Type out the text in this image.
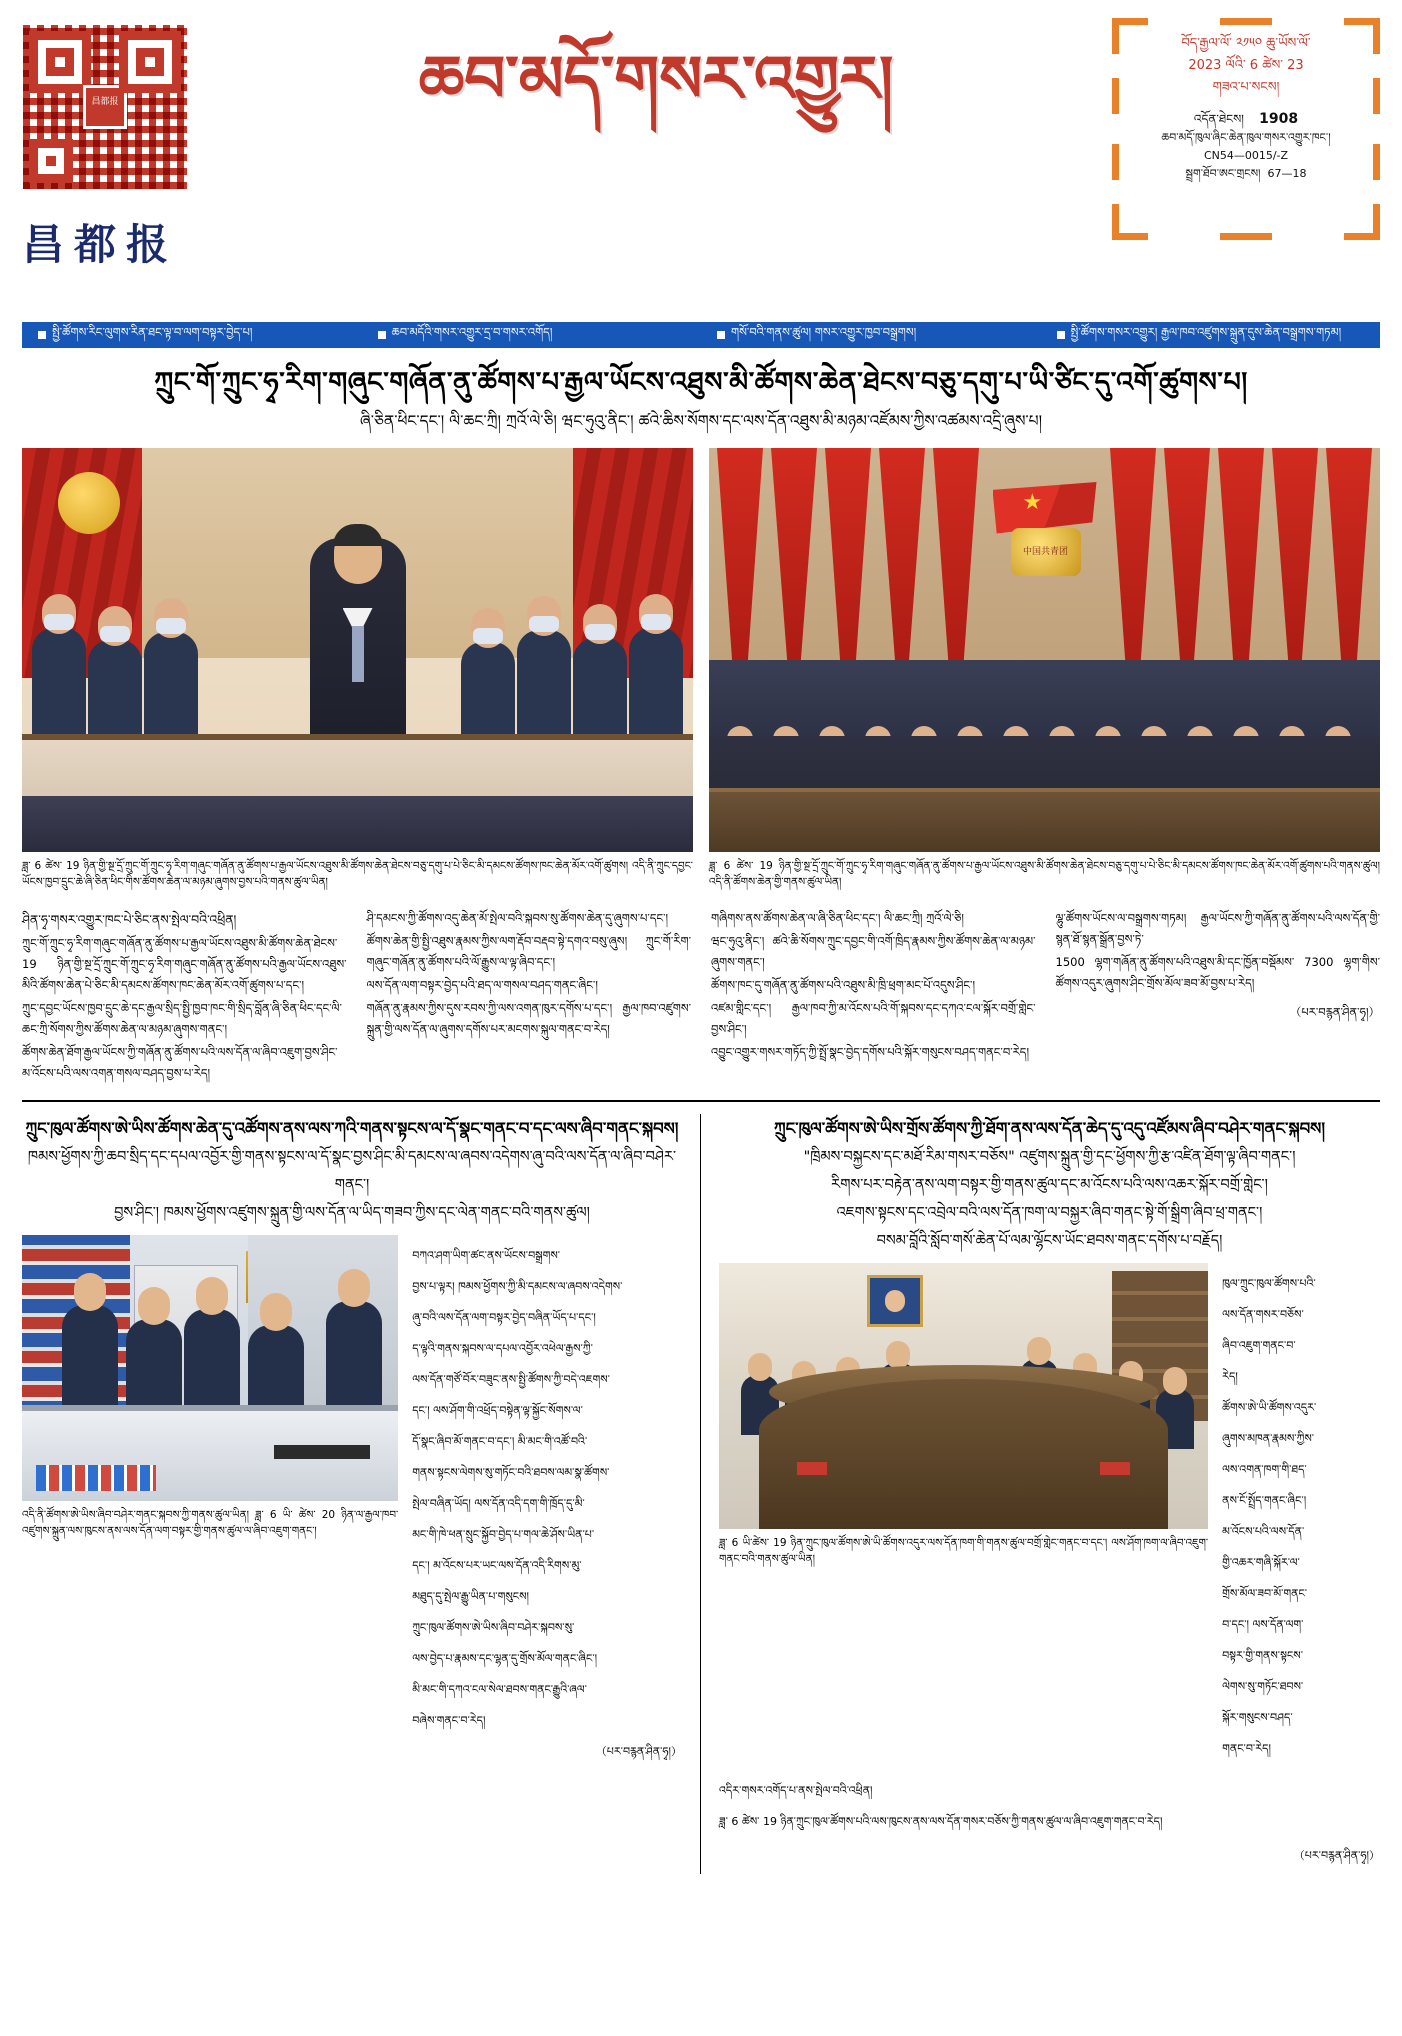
昌都报
昌都报
ཆབ་མདོ་གསར་འགྱུར།	བོད་རྒྱལ་ལོ་ ༢༡༥༠ ཆུ་ཡོས་ལོ་
2023 ལོའི་ 6 ཚེས་ 23
གཟའ་པ་སངས།
འདོན་ཐེངས། 1908
ཆབ་མདོ་ཁུལ་ཞིང་ཆེན་ཁུལ་གསར་འགྱུར་ཁང་།
CN54—0015/-Z
སྦྲག་ཐོབ་ཨང་གྲངས། 67—18
སྤྱི་ཚོགས་རིང་ལུགས་རིན་ཐང་ལྟ་བ་ལག་བསྟར་བྱེད་པ།	ཆབ་མདོའི་གསར་འགྱུར་དྲ་བ་གསར་འགོད།	གསོ་བའི་གནས་ཚུལ། གསར་འགྱུར་ཁྱབ་བསྒྲགས།	སྤྱི་ཚོགས་གསར་འགྱུར། རྒྱལ་ཁབ་འཛུགས་སྐྲུན་དུས་ཆེན་བསྒྲགས་གཏམ།
ཀྲུང་གོ་ཀྲུང་ཧྭ་རིག་གཞུང་གཞོན་ནུ་ཚོགས་པ་རྒྱལ་ཡོངས་འཐུས་མི་ཚོགས་ཆེན་ཐེངས་བཅུ་དགུ་པ་ཡི་ཙིང་དུ་འགོ་ཚུགས་པ།
ཞི་ཅིན་ཕིང་དང་། ལི་ཆང་ཀྲི། ཀྲའོ་ལེ་ཅི། ཝང་ཧུའུ་ནིང་། ཚའེ་ཆིས་སོགས་དང་ལས་དོན་འཐུས་མི་མཉམ་འཛོམས་ཀྱིས་འཚམས་འདྲི་ཞུས་པ།
ཟླ་ 6 ཚེས་ 19 ཉིན་གྱི་སྔ་དྲོ་ཀྲུང་གོ་ཀྲུང་ཧྭ་རིག་གཞུང་གཞོན་ནུ་ཚོགས་པ་རྒྱལ་ཡོངས་འཐུས་མི་ཚོགས་ཆེན་ཐེངས་བཅུ་དགུ་པ་པེ་ཅིང་མི་དམངས་ཚོགས་ཁང་ཆེན་མོར་འགོ་ཚུགས། འདི་ནི་ཀྲུང་དབྱང་ཡོངས་ཁྱབ་དྲུང་ཆེ་ཞི་ཅིན་ཕིང་གིས་ཚོགས་ཆེན་ལ་མཉམ་ཞུགས་བྱས་པའི་གནས་ཚུལ་ཡིན།
★
中国共青团
ཟླ་ 6 ཚེས་ 19 ཉིན་གྱི་སྔ་དྲོ་ཀྲུང་གོ་ཀྲུང་ཧྭ་རིག་གཞུང་གཞོན་ནུ་ཚོགས་པ་རྒྱལ་ཡོངས་འཐུས་མི་ཚོགས་ཆེན་ཐེངས་བཅུ་དགུ་པ་པེ་ཅིང་མི་དམངས་ཚོགས་ཁང་ཆེན་མོར་འགོ་ཚུགས་པའི་གནས་ཚུལ། འདི་ནི་ཚོགས་ཆེན་གྱི་གནས་ཚུལ་ཡིན།

ཤིན་ཧྭ་གསར་འགྱུར་ཁང་པེ་ཅིང་ནས་སྤེལ་བའི་འཕྲིན།

ཀྲུང་གོ་ཀྲུང་ཧྭ་རིག་གཞུང་གཞོན་ནུ་ཚོགས་པ་རྒྱལ་ཡོངས་འཐུས་མི་ཚོགས་ཆེན་ཐེངས་ 19 ཉིན་གྱི་སྔ་དྲོ་ཀྲུང་གོ་ཀྲུང་ཧྭ་རིག་གཞུང་གཞོན་ནུ་ཚོགས་པའི་རྒྱལ་ཡོངས་འཐུས་མིའི་ཚོགས་ཆེན་པེ་ཅིང་མི་དམངས་ཚོགས་ཁང་ཆེན་མོར་འགོ་ཚུགས་པ་དང་།

ཀྲུང་དབྱང་ཡོངས་ཁྱབ་དྲུང་ཆེ་དང་རྒྱལ་སྲིད་སྤྱི་ཁྱབ་ཁང་གི་སྲིད་བློན་ཞི་ཅིན་ཕིང་དང་ལི་ཆང་ཀྲི་སོགས་ཀྱིས་ཚོགས་ཆེན་ལ་མཉམ་ཞུགས་གནང་།

ཚོགས་ཆེན་ཐོག་རྒྱལ་ཡོངས་ཀྱི་གཞོན་ནུ་ཚོགས་པའི་ལས་དོན་ལ་ཞིབ་འཇུག་བྱས་ཤིང་མ་འོངས་པའི་ལས་འགན་གསལ་བཤད་བྱས་པ་རེད།

ཤི་དམངས་ཀྱི་ཚོགས་འདུ་ཆེན་མོ་སྤེལ་བའི་སྐབས་སུ་ཚོགས་ཆེན་དུ་ཞུགས་པ་དང་།

ཚོགས་ཆེན་གྱི་སྤྱི་འཐུས་རྣམས་ཀྱིས་ལག་རྡོབ་བརྡབ་སྟེ་དགའ་བསུ་ཞུས། ཀྲུང་གོ་རིག་གཞུང་གཞོན་ནུ་ཚོགས་པའི་ལོ་རྒྱུས་ལ་ལྟ་ཞིབ་དང་།

ལས་དོན་ལག་བསྟར་བྱེད་པའི་ཐད་ལ་གསལ་བཤད་གནང་ཞིང་།

གཞོན་ནུ་རྣམས་ཀྱིས་དུས་རབས་ཀྱི་ལས་འགན་ཁུར་དགོས་པ་དང་། རྒྱལ་ཁབ་འཛུགས་སྐྲུན་གྱི་ལས་དོན་ལ་ཞུགས་དགོས་པར་མངགས་སྐུལ་གནང་བ་རེད།

གཞིགས་ནས་ཚོགས་ཆེན་ལ་ཞི་ཅིན་ཕིང་དང་། ལི་ཆང་ཀྲི། ཀྲའོ་ལེ་ཅི།

ཝང་ཧུའུ་ནིང་། ཚའེ་ཆི་སོགས་ཀྲུང་དབྱང་གི་འགོ་ཁྲིད་རྣམས་ཀྱིས་ཚོགས་ཆེན་ལ་མཉམ་ཞུགས་གནང་།

ཚོགས་ཁང་དུ་གཞོན་ནུ་ཚོགས་པའི་འཐུས་མི་ཁྲི་ཕྲག་མང་པོ་འདུས་ཤིང་།

འཛམ་གླིང་དང་། རྒྱལ་ཁབ་ཀྱི་མ་འོངས་པའི་གོ་སྐབས་དང་དཀའ་ངལ་སྐོར་བགྲོ་གླེང་བྱས་ཤིང་།

འབྱུང་འགྱུར་གསར་གཏོད་ཀྱི་སྤྲོ་སྣང་བྱེད་དགོས་པའི་སྐོར་གསུངས་བཤད་གནང་བ་རེད།

ལྷུ་ཚོགས་ཡོངས་ལ་བསྒྲགས་གཏམ། རྒྱལ་ཡོངས་ཀྱི་གཞོན་ནུ་ཚོགས་པའི་ལས་དོན་གྱི་སྙན་ཐོ་སྙན་སྒྲོན་བྱས་ཏེ་

1500 ལྷག་གཞོན་ནུ་ཚོགས་པའི་འཐུས་མི་དང་ཁྱོན་བསྡོམས་ 7300 ལྷག་གིས་ཚོགས་འདུར་ཞུགས་ཤིང་གྲོས་མོལ་ཟབ་མོ་བྱས་པ་རེད།

（པར་བརྙན་ཤིན་ཧྭ།）
ཀྲུང་ཁུལ་ཚོགས་ཨེ་ཡིས་ཚོགས་ཆེན་དུ་འཚོགས་ནས་ལས་ཀའི་གནས་སྟངས་ལ་དོ་སྣང་གནང་བ་དང་ལས་ཞིབ་གནང་སྐབས།
ཁམས་ཕྱོགས་ཀྱི་ཆབ་སྲིད་དང་དཔལ་འབྱོར་གྱི་གནས་སྟངས་ལ་དོ་སྣང་བྱས་ཤིང་མི་དམངས་ལ་ཞབས་འདེགས་ཞུ་བའི་ལས་དོན་ལ་ཞིབ་བཤེར་གནང་།
བྱས་ཤིང་། ཁམས་ཕྱོགས་འཛུགས་སྐྲུན་གྱི་ལས་དོན་ལ་ཡིད་གཟབ་ཀྱིས་དང་ལེན་གནང་བའི་གནས་ཚུལ།
འདི་ནི་ཚོགས་ཨེ་ཡིས་ཞིབ་བཤེར་གནང་སྐབས་ཀྱི་གནས་ཚུལ་ཡིན། ཟླ་ 6 ཡི་ ཚེས་ 20 ཉིན་ལ་རྒྱལ་ཁབ་འཛུགས་སྐྲུན་ལས་ཁུངས་ནས་ལས་དོན་ལག་བསྟར་གྱི་གནས་ཚུལ་ལ་ཞིབ་འཇུག་གནང་།

བཀའ་ཤག་ཡིག་ཚང་ནས་ཡོངས་བསྒྲགས་

བྱས་པ་ལྟར། ཁམས་ཕྱོགས་ཀྱི་མི་དམངས་ལ་ཞབས་འདེགས་

ཞུ་བའི་ལས་དོན་ལག་བསྟར་བྱེད་བཞིན་ཡོད་པ་དང་།

ད་ལྟའི་གནས་སྐབས་ལ་དཔལ་འབྱོར་འཕེལ་རྒྱས་ཀྱི་

ལས་དོན་གཙོ་བོར་བཟུང་ནས་སྤྱི་ཚོགས་ཀྱི་བདེ་འཇགས་

དང་། ལས་ཤོག་གི་འཕྲོད་བསྟེན་ལྟ་སྐྱོང་སོགས་ལ་

དོ་སྣང་ཞིབ་མོ་གནང་བ་དང་། མི་མང་གི་འཚོ་བའི་

གནས་སྟངས་ལེགས་སུ་གཏོང་བའི་ཐབས་ལམ་སྣ་ཚོགས་

སྤེལ་བཞིན་ཡོད། ལས་དོན་འདི་དག་གི་ཁྲོད་དུ་མི་

མང་གི་ཁེ་ཕན་སྲུང་སྐྱོབ་བྱེད་པ་གལ་ཆེ་ཤོས་ཡིན་པ་

དང་། མ་འོངས་པར་ཡང་ལས་དོན་འདི་རིགས་མུ་

མཐུད་དུ་སྤེལ་རྒྱུ་ཡིན་པ་གསུངས།

ཀྲུང་ཁུལ་ཚོགས་ཨེ་ཡིས་ཞིབ་བཤེར་སྐབས་སུ་

ལས་བྱེད་པ་རྣམས་དང་ལྷན་དུ་གྲོས་མོལ་གནང་ཞིང་།

མི་མང་གི་དཀའ་ངལ་སེལ་ཐབས་གནང་རྒྱུའི་ཞལ་

བཞེས་གནང་བ་རེད།

（པར་བརྙན་ཤིན་ཧྭ།）
ཀྲུང་ཁུལ་ཚོགས་ཨེ་ཡིས་གྲོས་ཚོགས་ཀྱི་ཐོག་ནས་ལས་དོན་ཆེད་དུ་འདུ་འཛོམས་ཞིབ་བཤེར་གནང་སྐབས།
"ཁྲིམས་བསྐྱངས་དང་མཐོ་རིམ་གསར་བཅོས" འཛུགས་སྐྲུན་གྱི་དང་ཕྱོགས་ཀྱི་རྩ་འཛིན་ཐོག་ལྟ་ཞིབ་གནང་།
རིགས་པར་བརྟེན་ནས་ལག་བསྟར་གྱི་གནས་ཚུལ་དང་མ་འོངས་པའི་ལས་འཆར་སྐོར་བགྲོ་གླེང་།
འཇགས་སྟངས་དང་འབྲེལ་བའི་ལས་དོན་ཁག་ལ་བསྐྱར་ཞིབ་གནང་སྟེ་གོ་སྒྲིག་ཞིབ་ཕྲ་གནང་།
བསམ་བློའི་སློབ་གསོ་ཆེན་པོ་ལམ་ལྷོངས་ཡོང་ཐབས་གནང་དགོས་པ་བརྗོད།
ཟླ་ 6 ཡི་ཚེས་ 19 ཉིན་ཀྲུང་ཁུལ་ཚོགས་ཨེ་ཡི་ཚོགས་འདུར་ལས་དོན་ཁག་གི་གནས་ཚུལ་བགྲོ་གླེང་གནང་བ་དང་། ལས་ཤོག་ཁག་ལ་ཞིབ་འཇུག་གནང་བའི་གནས་ཚུལ་ཡིན།

ཁུལ་ཀྲུང་ཁུལ་ཚོགས་པའི་

ལས་དོན་གསར་བཅོས་

ཞིབ་འཇུག་གནང་བ་

རེད།

ཚོགས་ཨེ་ཡི་ཚོགས་འདུར་

ཞུགས་མཁན་རྣམས་ཀྱིས་

ལས་འགན་ཁག་གི་ཐད་

ནས་ངོ་སྤྲོད་གནང་ཞིང་།

མ་འོངས་པའི་ལས་དོན་

གྱི་འཆར་གཞི་སྐོར་ལ་

གྲོས་མོལ་ཟབ་མོ་གནང་

བ་དང་། ལས་དོན་ལག་

བསྟར་གྱི་གནས་སྟངས་

ལེགས་སུ་གཏོང་ཐབས་

སྐོར་གསུངས་བཤད་

གནང་བ་རེད།

འདིར་གསར་འགོད་པ་ནས་སྤེལ་བའི་འཕྲིན།

ཟླ་ 6 ཚེས་ 19 ཉིན་ཀྲུང་ཁུལ་ཚོགས་པའི་ལས་ཁུངས་ནས་ལས་དོན་གསར་བཅོས་ཀྱི་གནས་ཚུལ་ལ་ཞིབ་འཇུག་གནང་བ་རེད།

（པར་བརྙན་ཤིན་ཧྭ།）
